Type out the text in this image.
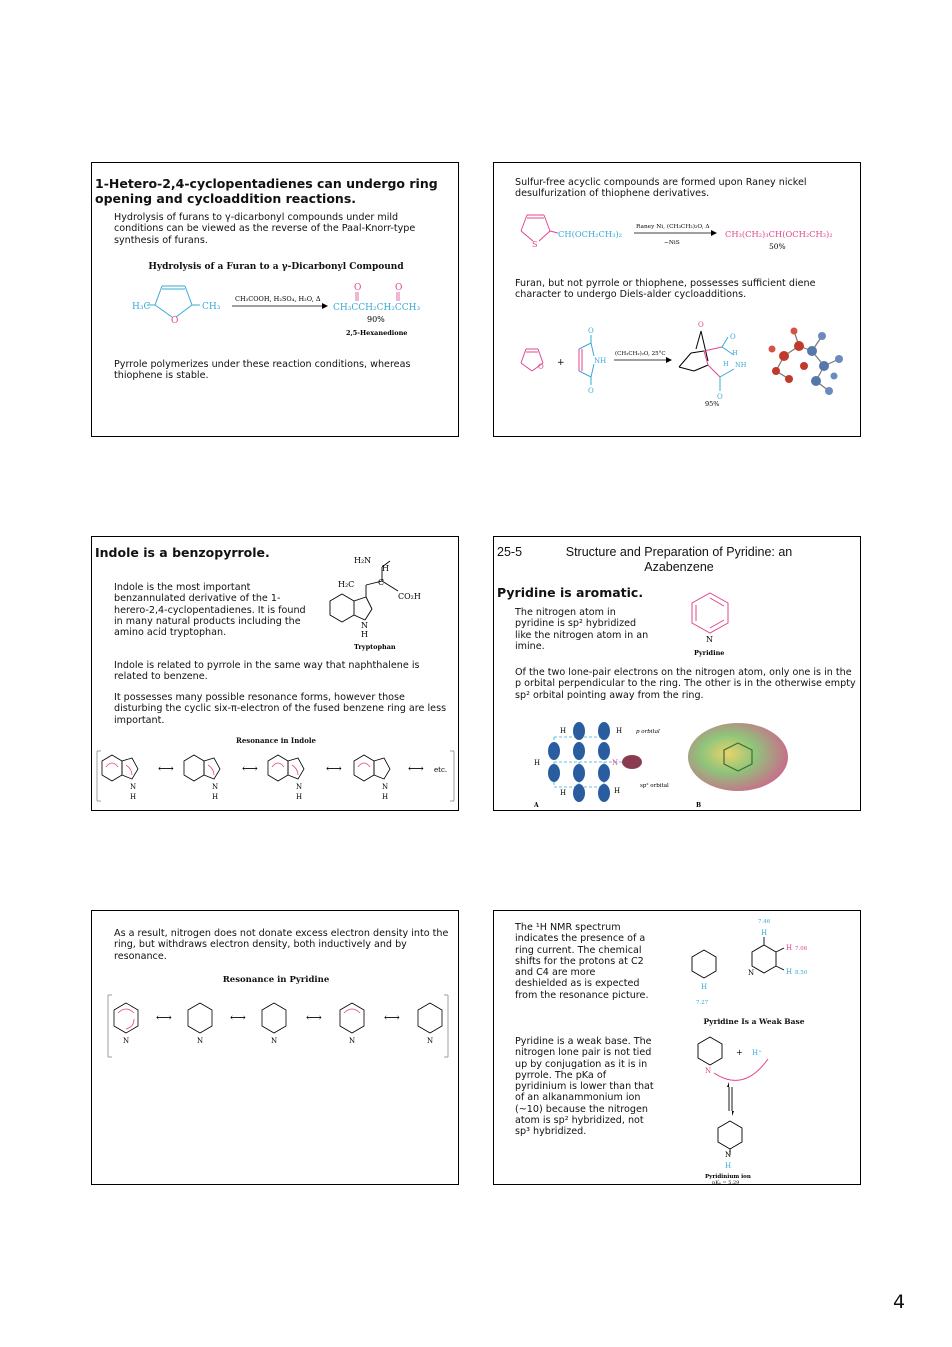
1-Hetero-2,4-cyclopentadienes can undergo ring opening and cycloaddition reactions.
Hydrolysis of furans to γ-dicarbonyl compounds under mild conditions can be viewed as the reverse of the Paal-Knorr-type synthesis of furans.
Hydrolysis of a Furan to a γ-Dicarbonyl Compound
H₃C
O
CH₃
CH₃COOH, H₂SO₄, H₂O, Δ
O	O
CH₃CCH₂CH₂CCH₃
90%
2,5-Hexanedione
Pyrrole polymerizes under these reaction conditions, whereas thiophene is stable.
Sulfur-free acyclic compounds are formed upon Raney nickel desulfurization of thiophene derivatives.
S
CH(OCH₂CH₃)₂
Raney Ni, (CH₃CH₂)₂O, Δ
−NiS
CH₃(CH₂)₃CH(OCH₂CH₃)₂
50%
Furan, but not pyrrole or thiophene, possesses sufficient diene character to undergo Diels-alder cycloadditions.
O +
O
O
NH
(CH₃CH₂)₂O, 25°C
O
O
O
H
H NH
95%
Indole is a benzopyrrole.
Indole is the most important benzannulated derivative of the 1-herero-2,4-cyclopentadienes. It is found in many natural products including the amino acid tryptophan.
H₂N
H
H₂C	C
CO₂H
N
H
Tryptophan
Indole is related to pyrrole in the same way that naphthalene is related to benzene.
It possesses many possible resonance forms, however those disturbing the cyclic six-π-electron of the fused benzene ring are less important.
Resonance in Indole
N
H
N
H
N
H
N
H
⟷	⟷	⟷	⟷ etc.
25-5	Structure and Preparation of Pyridine: an Azabenzene
Pyridine is aromatic.
The nitrogen atom in pyridine is sp² hybridized like the nitrogen atom in an imine.
N
Pyridine
Of the two lone-pair electrons on the nitrogen atom, only one is in the p orbital perpendicular to the ring. The other is in the otherwise empty sp² orbital pointing away from the ring.
N
H
H	H
H	H
p orbital
sp² orbital
A	B
As a result, nitrogen does not donate excess electron density into the ring, but withdraws electron density, both inductively and by resonance.
Resonance in Pyridine
N	N	N	N	N
⟷	⟷	⟷	⟷
The ¹H NMR spectrum indicates the presence of a ring current. The chemical shifts for the protons at C2 and C4 are more deshielded as is expected from the resonance picture.
7.46
H
H 7.06
H 8.50
N
H
7.27
Pyridine Is a Weak Base
Pyridine is a weak base. The nitrogen lone pair is not tied up by conjugation as it is in pyrrole. The pKa of pyridinium is lower than that of an alkanammonium ion (~10) because the nitrogen atom is sp² hybridized, not sp³ hybridized.
N
+ H⁺
N
H
Pyridinium ion
pKₐ = 5.29
4
